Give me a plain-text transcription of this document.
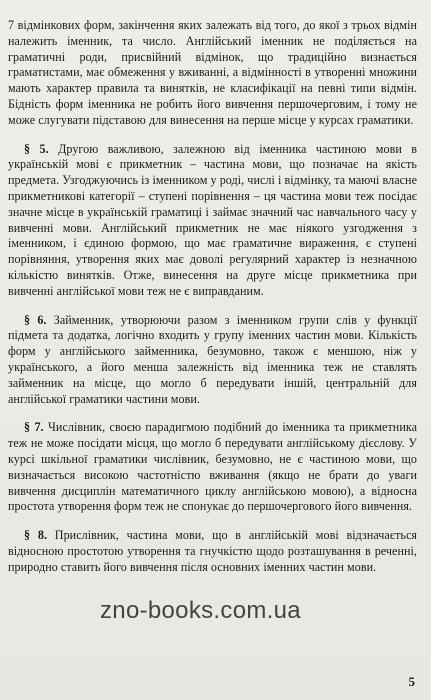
7 відмінкових форм, закінчення яких залежать від того, до якої з трьох відмін належить іменник, та число. Англійський іменник не поділяється на граматичні роди, присвійний відмінок, що традиційно визнається граматистами, має обмеження у вживанні, а відмінності в утворенні множини мають характер правила та винятків, не класифікації на певні типи відмін. Бідність форм іменника не робить його вивчення першочерговим, і тому не може слугувати підставою для винесення на перше місце у курсах граматики.

§ 5. Другою важливою, залежною від іменника частиною мови в українській мові є прикметник – частина мови, що позначає на якість предмета. Узгоджуючись із іменником у роді, числі і відмінку, та маючі власне прикметникові категорії – ступені порівнення – ця частина мови теж посідає значне місце в українській граматиці і займає значний час навчального часу у вивченні мови. Англійський прикметник не має ніякого узгодження з іменником, і єдиною формою, що має граматичне вираження, є ступені порівняння, утворення яких має доволі регулярний характер із незначною кількістю винятків. Отже, винесення на друге місце прикметника при вивченні англійської мови теж не є виправданим.

§ 6. Займенник, утворюючи разом з іменником групи слів у функції підмета та додатка, логічно входить у групу іменних частин мови. Кількість форм у англійського займенника, безумовно, також є меншою, ніж у українського, а його менша залежність від іменника теж не ставлять займенник на місце, що могло б передувати іншій, центральній для англійської граматики частини мови.

§ 7. Числівник, своєю парадигмою подібний до іменника та прикметника теж не може посідати місця, що могло б передувати англійському дієслову. У курсі шкільної граматики числівник, безумовно, не є частиною мови, що визначається високою частотністю вживання (якщо не брати до уваги вивчення дисциплін математичного циклу англійською мовою), а відносна простота утворення форм теж не спонукає до першочергового його вивчення.

§ 8. Прислівник, частина мови, що в англійській мові відзначається відносною простотою утворення та гнучкістю щодо розташування в реченні, природно ставить його вивчення після основних іменних частин мови.

zno-books.com.ua
5
